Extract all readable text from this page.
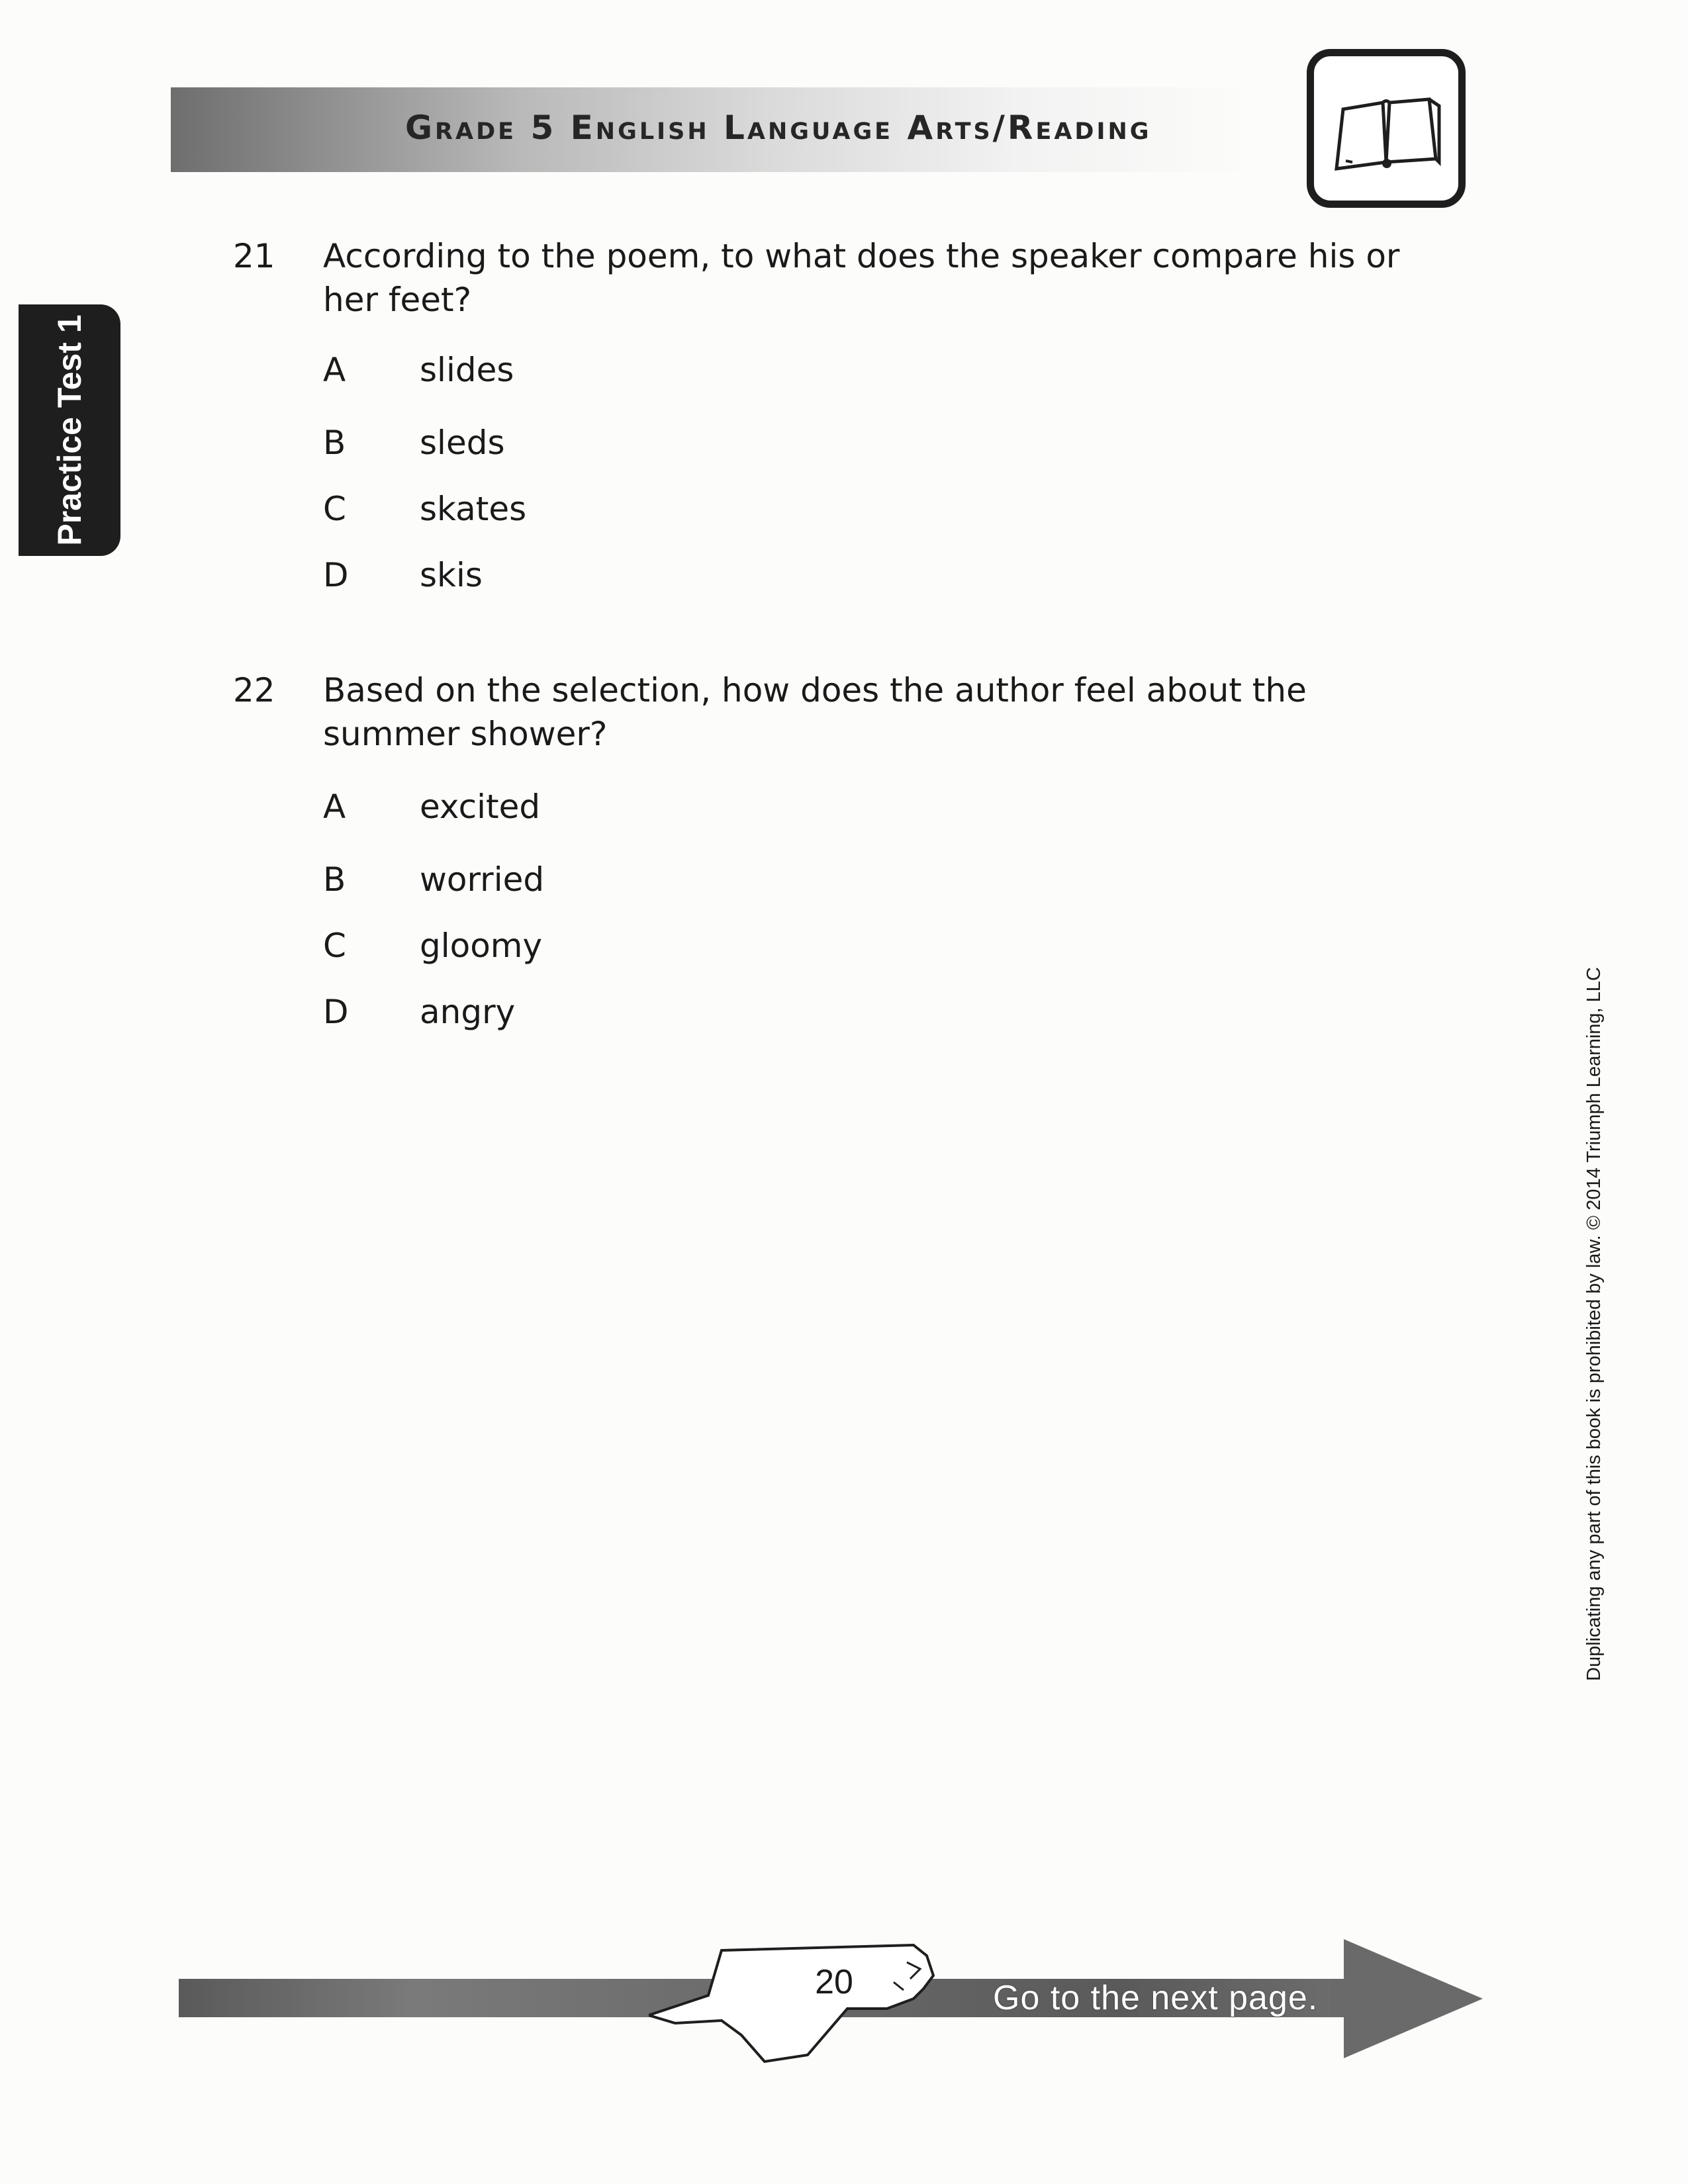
Grade 5 English Language Arts/Reading
Practice Test 1
21 According to the poem, to what does the speaker compare his or her feet?
A slides
B sleds
C skates
D skis
22 Based on the selection, how does the author feel about the summer shower?
A excited
B worried
C gloomy
D angry
20	Go to the next page.
Duplicating any part of this book is prohibited by law. © 2014 Triumph Learning, LLC
